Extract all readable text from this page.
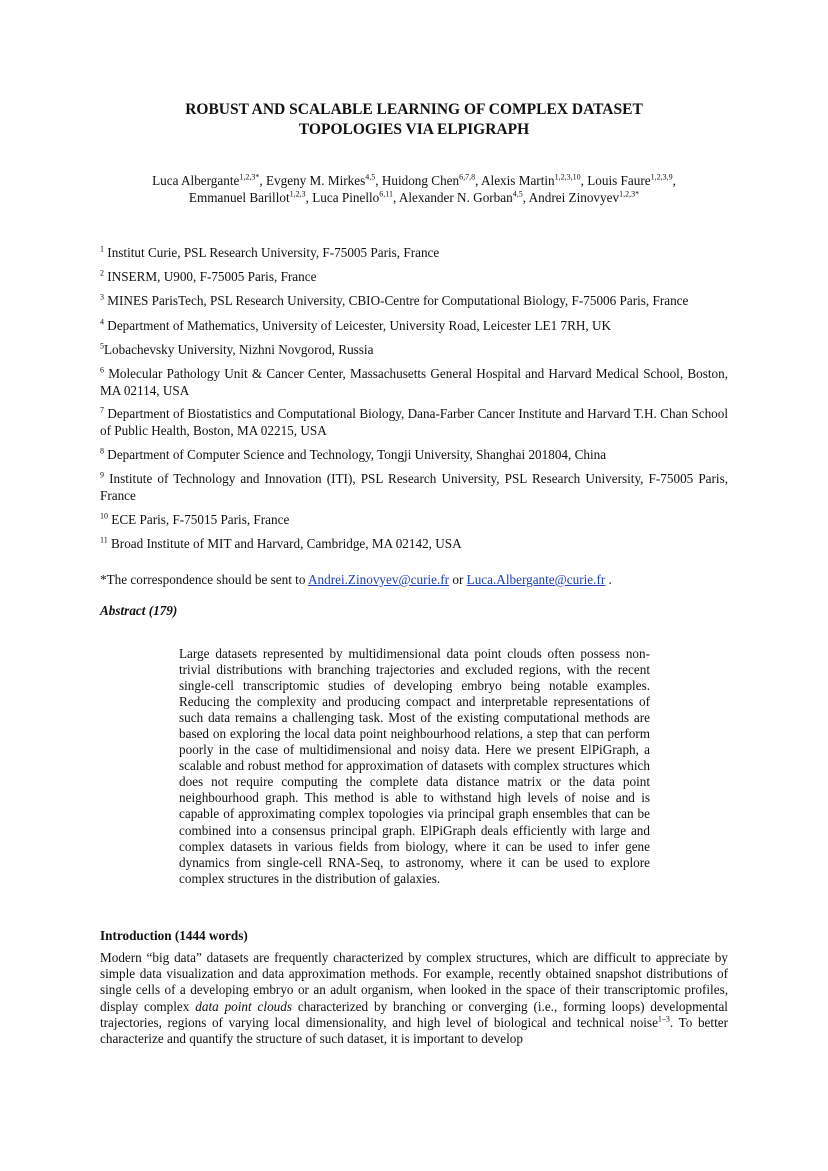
ROBUST AND SCALABLE LEARNING OF COMPLEX DATASET
TOPOLOGIES VIA ELPIGRAPH
Luca Albergante$^{1,2,3*}$, Evgeny M. Mirkes$^{4,5}$, Huidong Chen$^{6,7,8}$, Alexis Martin$^{1,2,3,10}$, Louis Faure$^{1,2,3,9}$,
Emmanuel Barillot$^{1,2,3}$, Luca Pinello$^{6,11}$, Alexander N. Gorban$^{4,5}$, Andrei Zinovyev$^{1,2,3*}$
$^1$ Institut Curie, PSL Research University, F-75005 Paris, France
$^2$ INSERM, U900, F-75005 Paris, France
$^3$ MINES ParisTech, PSL Research University, CBIO-Centre for Computational Biology, F-75006 Paris, France
$^4$ Department of Mathematics, University of Leicester, University Road, Leicester LE1 7RH, UK
$^5$Lobachevsky University, Nizhni Novgorod, Russia
$^6$ Molecular Pathology Unit & Cancer Center, Massachusetts General Hospital and Harvard Medical School, Boston, MA 02114, USA
$^7$ Department of Biostatistics and Computational Biology, Dana-Farber Cancer Institute and Harvard T.H. Chan School of Public Health, Boston, MA 02215, USA
$^8$ Department of Computer Science and Technology, Tongji University, Shanghai 201804, China
$^9$ Institute of Technology and Innovation (ITI), PSL Research University, PSL Research University, F-75005 Paris, France
$^{10}$ ECE Paris, F-75015 Paris, France
$^{11}$ Broad Institute of MIT and Harvard, Cambridge, MA 02142, USA
*The correspondence should be sent to Andrei.Zinovyev@curie.fr or Luca.Albergante@curie.fr .
Abstract (179)
Large datasets represented by multidimensional data point clouds often possess non-trivial distributions with branching trajectories and excluded regions, with the recent single-cell transcriptomic studies of developing embryo being notable examples. Reducing the complexity and producing compact and interpretable representations of such data remains a challenging task. Most of the existing computational methods are based on exploring the local data point neighbourhood relations, a step that can perform poorly in the case of multidimensional and noisy data. Here we present ElPiGraph, a scalable and robust method for approximation of datasets with complex structures which does not require computing the complete data distance matrix or the data point neighbourhood graph. This method is able to withstand high levels of noise and is capable of approximating complex topologies via principal graph ensembles that can be combined into a consensus principal graph. ElPiGraph deals efficiently with large and complex datasets in various fields from biology, where it can be used to infer gene dynamics from single-cell RNA-Seq, to astronomy, where it can be used to explore complex structures in the distribution of galaxies.
Introduction (1444 words)
Modern “big data” datasets are frequently characterized by complex structures, which are difficult to appreciate by simple data visualization and data approximation methods. For example, recently obtained snapshot distributions of single cells of a developing embryo or an adult organism, when looked in the space of their transcriptomic profiles, display complex data point clouds characterized by branching or converging (i.e., forming loops) developmental trajectories, regions of varying local dimensionality, and high level of biological and technical noise$^{1-3}$. To better characterize and quantify the structure of such dataset, it is important to develop
